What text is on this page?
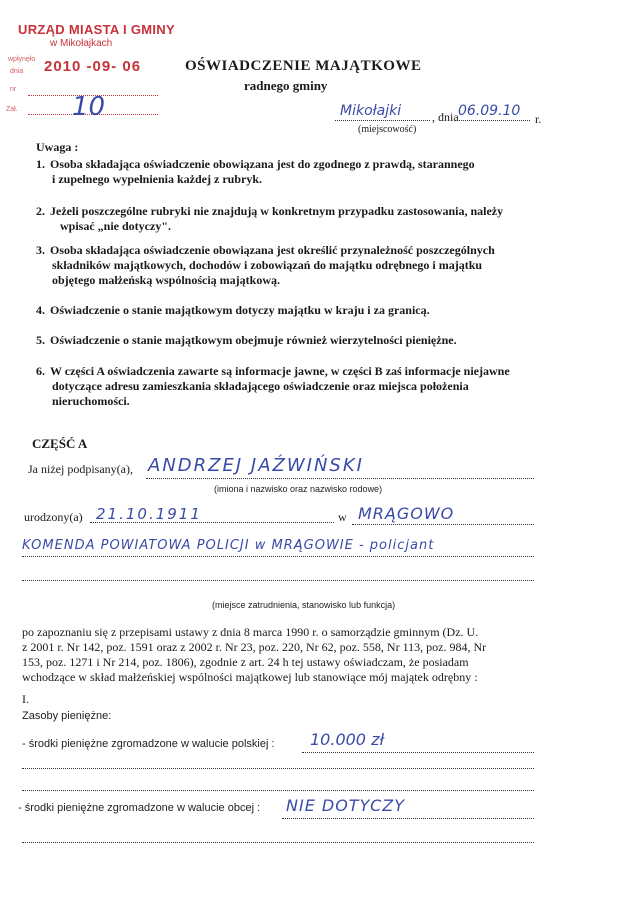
URZĄD MIASTA I GMINY
w Mikołajkach
wpłynęło
dnia 2010 -09- 06
nr
Zał. 10
OŚWIADCZENIE MAJĄTKOWE
radnego gminy
Mikołajki	, dnia 06.09.10 r.
(miejscowość)
Uwaga :
1. Osoba składająca oświadczenie obowiązana jest do zgodnego z prawdą, starannego
i zupełnego wypełnienia każdej z rubryk.
2. Jeżeli poszczególne rubryki nie znajdują w konkretnym przypadku zastosowania, należy
wpisać „nie dotyczy".
3. Osoba składająca oświadczenie obowiązana jest określić przynależność poszczególnych
składników majątkowych, dochodów i zobowiązań do majątku odrębnego i majątku
objętego małżeńską wspólnością majątkową.
4. Oświadczenie o stanie majątkowym dotyczy majątku w kraju i za granicą.
5. Oświadczenie o stanie majątkowym obejmuje również wierzytelności pieniężne.
6. W części A oświadczenia zawarte są informacje jawne, w części B zaś informacje niejawne
dotyczące adresu zamieszkania składającego oświadczenie oraz miejsca położenia
nieruchomości.
CZĘŚĆ A
Ja niżej podpisany(a), ANDRZEJ JAŹWIŃSKI
(imiona i nazwisko oraz nazwisko rodowe)
urodzony(a) 21.10.1911	w MRĄGOWO
KOMENDA POWIATOWA POLICJI w MRĄGOWIE - policjant
(miejsce zatrudnienia, stanowisko lub funkcja)
po zapoznaniu się z przepisami ustawy z dnia 8 marca 1990 r. o samorządzie gminnym (Dz. U.
z 2001 r. Nr 142, poz. 1591 oraz z 2002 r. Nr 23, poz. 220, Nr 62, poz. 558, Nr 113, poz. 984, Nr
153, poz. 1271 i Nr 214, poz. 1806), zgodnie z art. 24 h tej ustawy oświadczam, że posiadam
wchodzące w skład małżeńskiej wspólności majątkowej lub stanowiące mój majątek odrębny :
I.
Zasoby pieniężne:
- środki pieniężne zgromadzone w walucie polskiej : 10.000 zł
- środki pieniężne zgromadzone w walucie obcej : NIE DOTYCZY
